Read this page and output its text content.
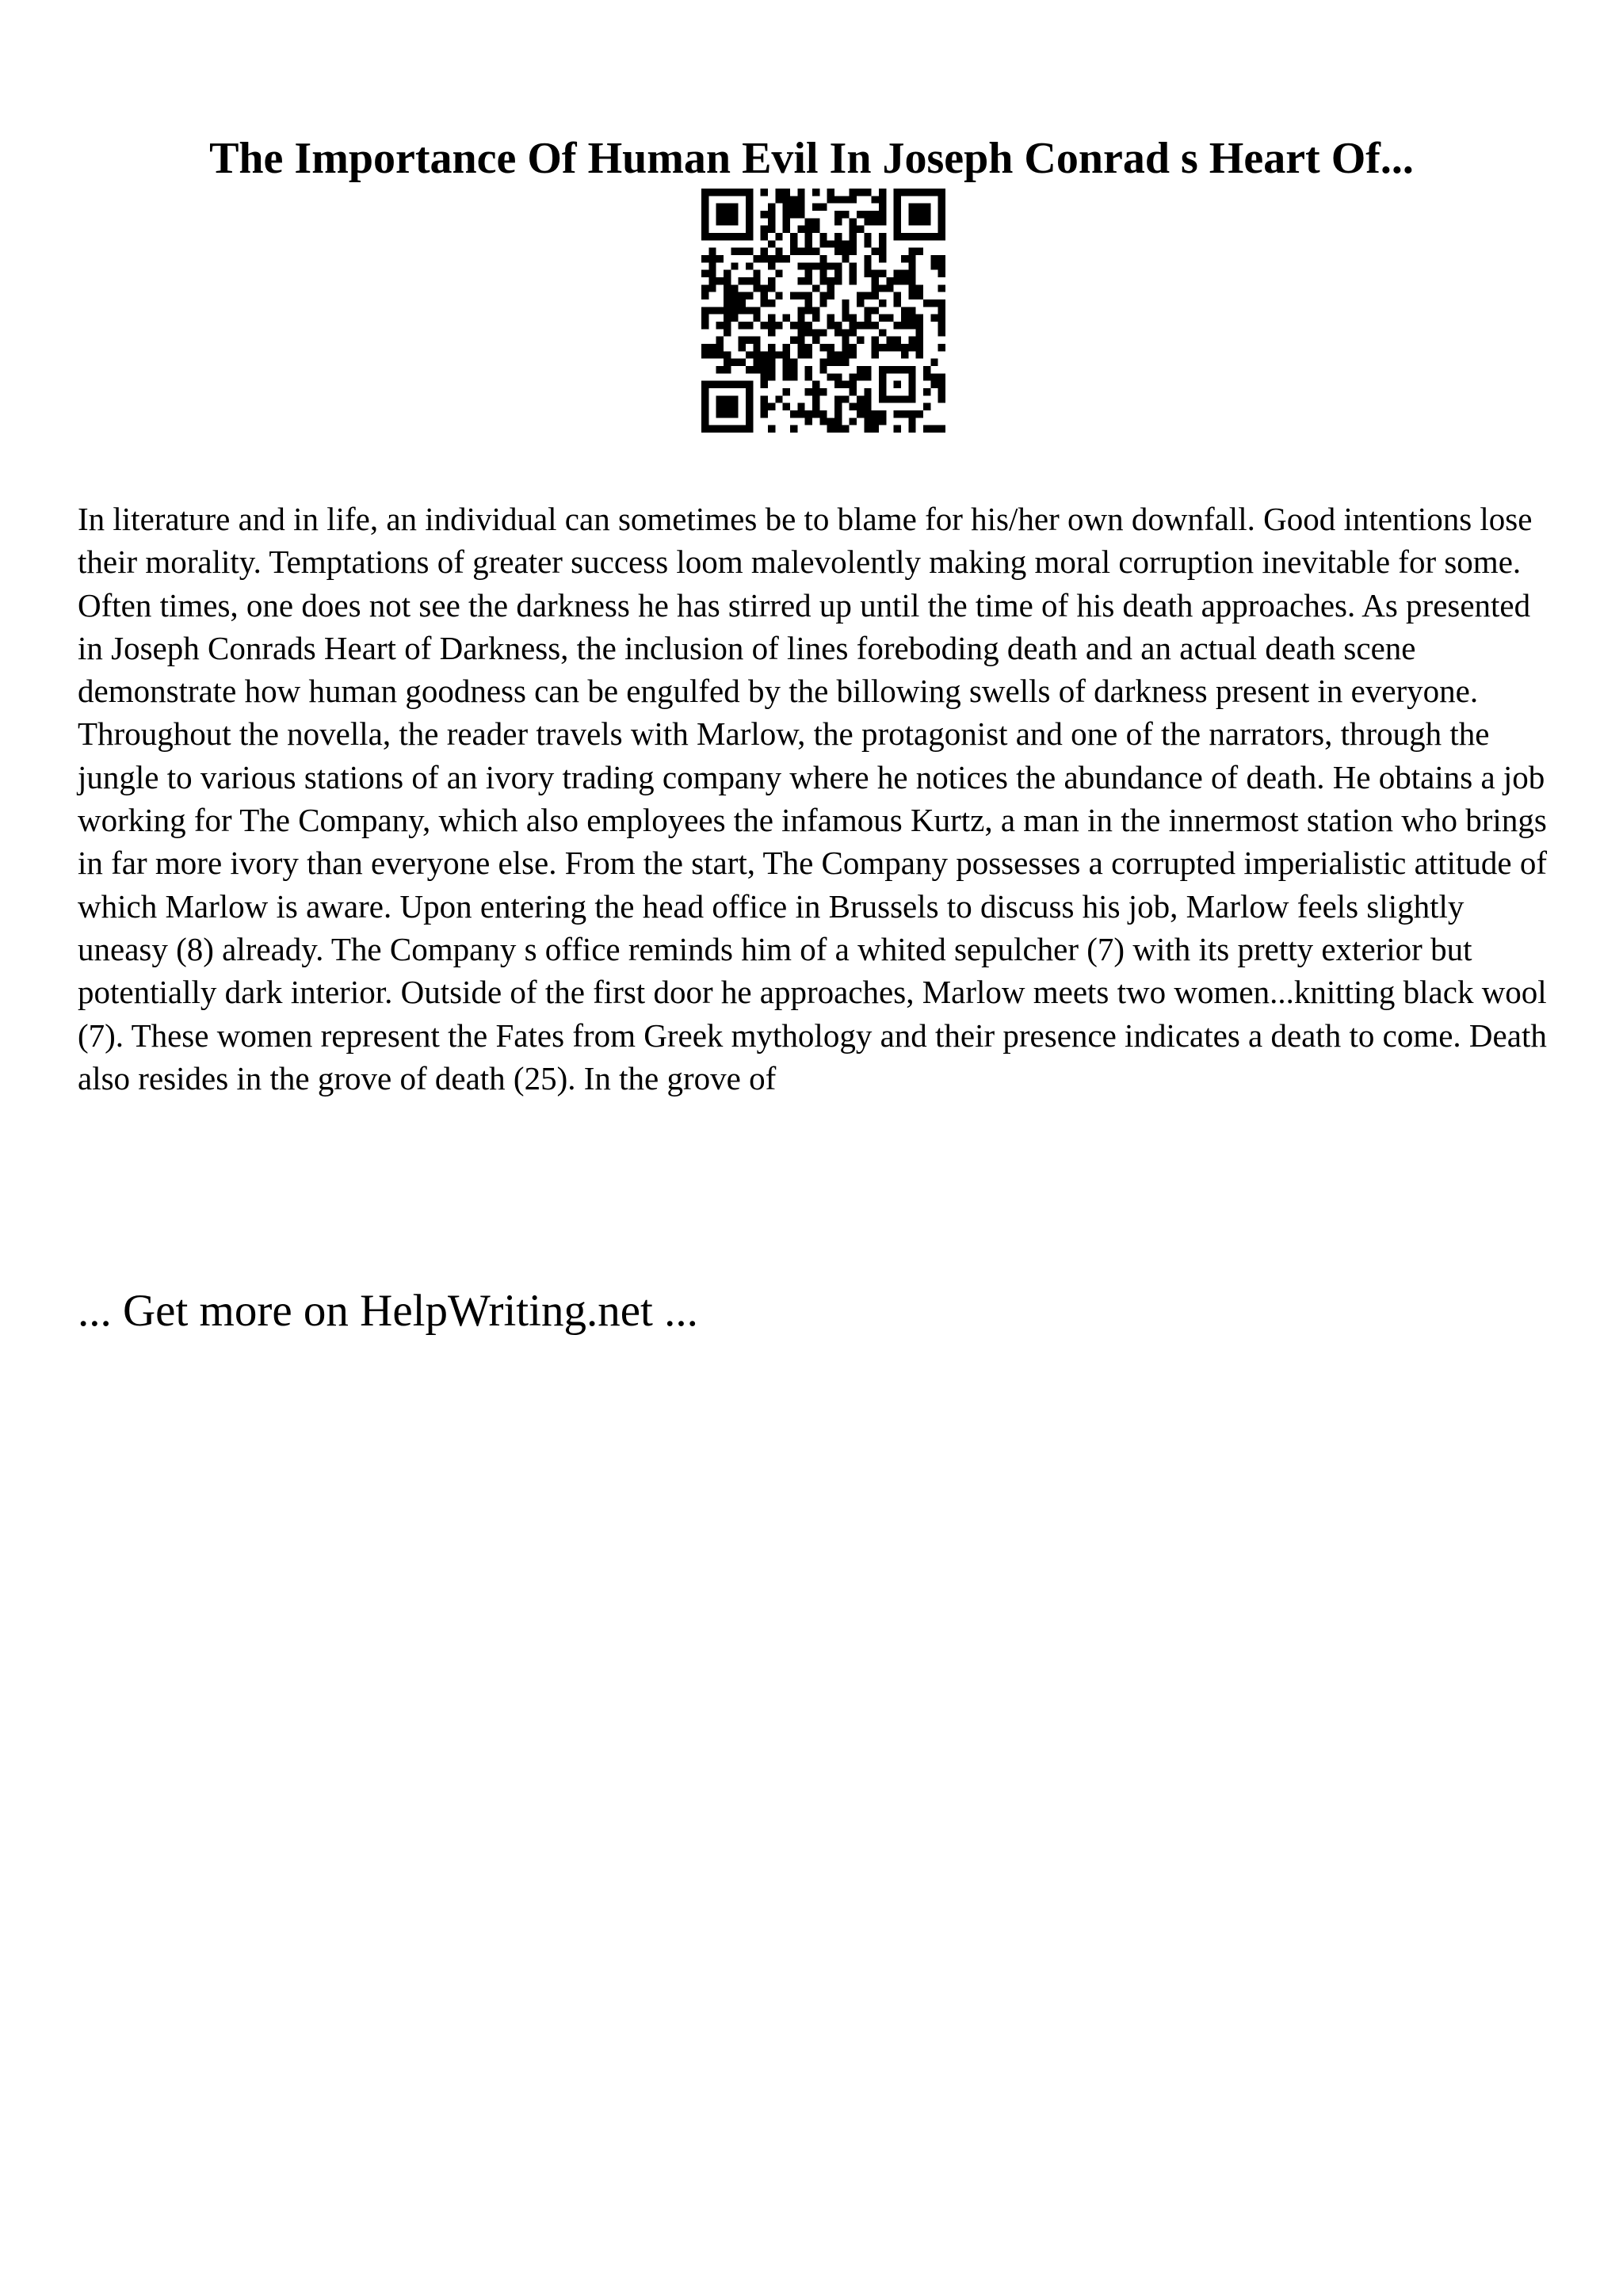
The Importance Of Human Evil In Joseph Conrad s Heart Of...

In literature and in life, an individual can sometimes be to blame for his/her own downfall. Good intentions lose their morality. Temptations of greater success loom malevolently making moral corruption inevitable for some. Often times, one does not see the darkness he has stirred up until the time of his death approaches. As presented in Joseph Conrads Heart of Darkness, the inclusion of lines foreboding death and an actual death scene demonstrate how human goodness can be engulfed by the billowing swells of darkness present in everyone.

Throughout the novella, the reader travels with Marlow, the protagonist and one of the narrators, through the jungle to various stations of an ivory trading company where he notices the abundance of death. He obtains a job working for The Company, which also employees the infamous Kurtz, a man in the innermost station who brings in far more ivory than everyone else. From the start, The Company possesses a corrupted imperialistic attitude of which Marlow is aware. Upon entering the head office in Brussels to discuss his job, Marlow feels slightly uneasy (8) already. The Company s office reminds him of a whited sepulcher (7) with its pretty exterior but potentially dark interior. Outside of the first door he approaches, Marlow meets two women...knitting black wool (7). These women represent the Fates from Greek mythology and their presence indicates a death to come. Death also resides in the grove of death (25). In the grove of

... Get more on HelpWriting.net ...
